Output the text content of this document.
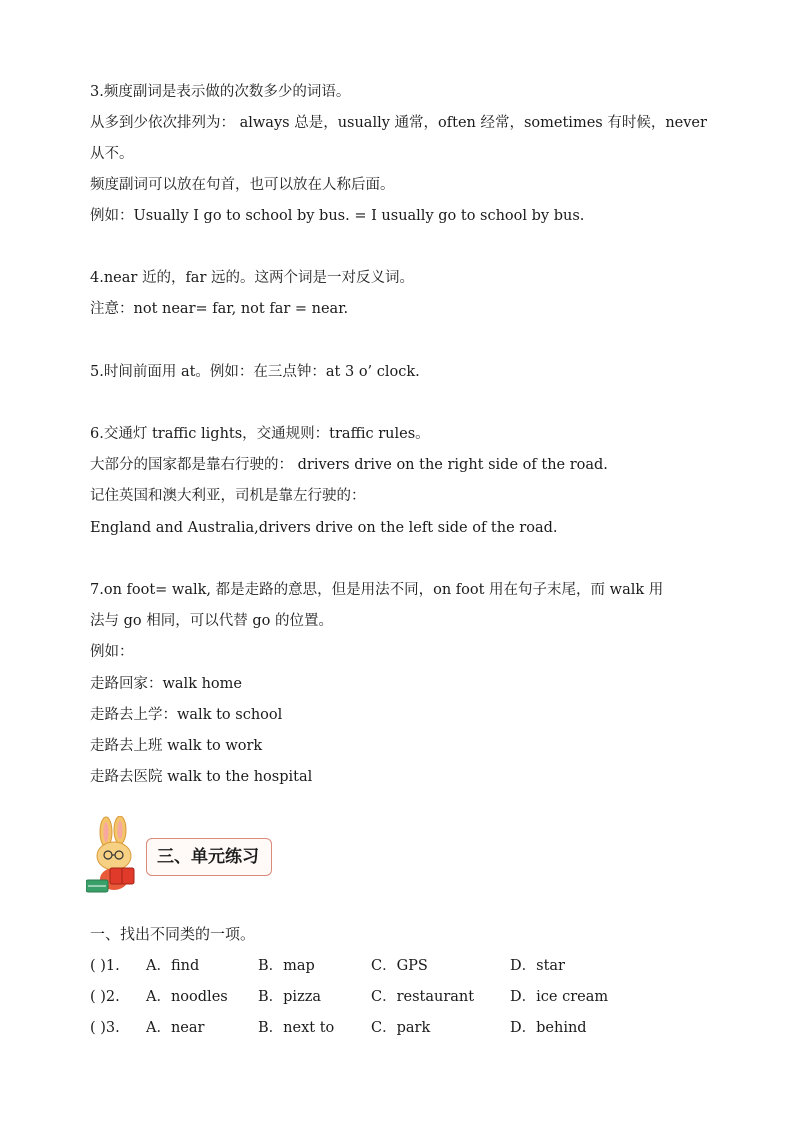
3.频度副词是表示做的次数多少的词语。
从多到少依次排列为： always 总是，usually 通常，often 经常，sometimes 有时候，never
从不。
频度副词可以放在句首，也可以放在人称后面。
例如：Usually I go to school by bus. = I usually go to school by bus.
4.near 近的，far 远的。这两个词是一对反义词。
注意：not near= far, not far = near.
5.时间前面用 at。例如：在三点钟：at 3 o’ clock.
6.交通灯 traffic lights，交通规则：traffic rules。
大部分的国家都是靠右行驶的： drivers drive on the right side of the road.
记住英国和澳大利亚，司机是靠左行驶的：
England and Australia,drivers drive on the left side of the road.
7.on foot= walk, 都是走路的意思，但是用法不同，on foot 用在句子末尾，而 walk 用
法与 go 相同，可以代替 go 的位置。
例如：
走路回家：walk home
走路去上学：walk to school
走路去上班 walk to work
走路去医院 walk to the hospital
三、单元练习
一、找出不同类的一项。
( )1. A．find	B．map	C．GPS	D．star
( )2. A．noodles B．pizza	C．restaurant D．ice cream
( )3. A．near	B．next to	C．park	D．behind
